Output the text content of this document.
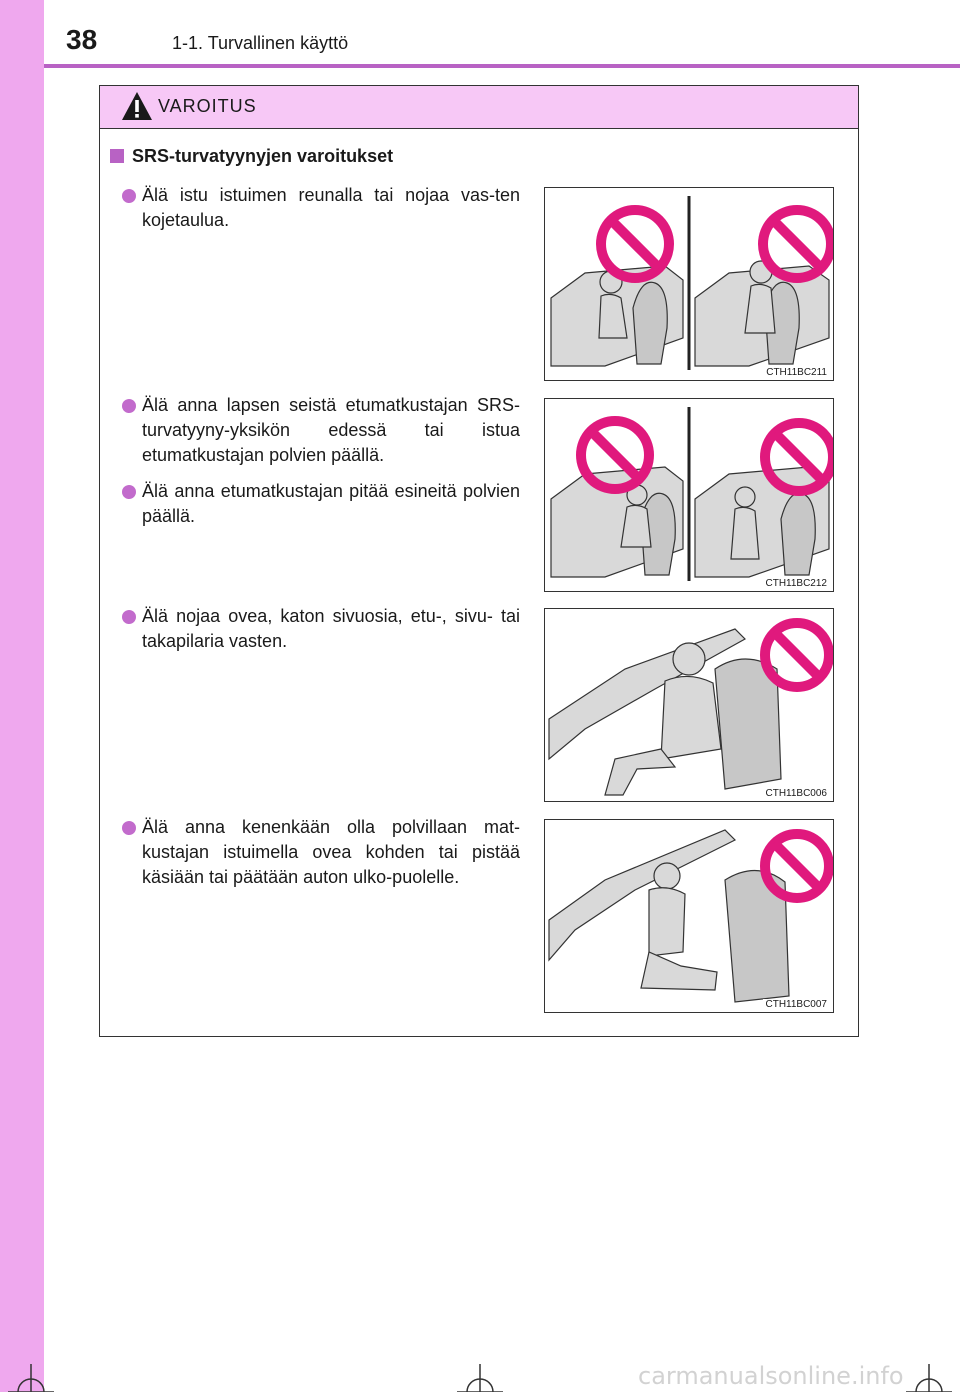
38	1-1. Turvallinen käyttö
VAROITUS
SRS-turvatyynyjen varoitukset
Älä istu istuimen reunalla tai nojaa vas-ten kojetaulua.
Älä anna lapsen seistä etumatkustajan SRS-turvatyyny-yksikön edessä tai istua etumatkustajan polvien päällä.
Älä anna etumatkustajan pitää esineitä polvien päällä.
Älä nojaa ovea, katon sivuosia, etu-, sivu- tai takapilaria vasten.
Älä anna kenenkään olla polvillaan mat-kustajan istuimella ovea kohden tai pistää käsiään tai päätään auton ulko-puolelle.
CTH11BC211
CTH11BC212
CTH11BC006
CTH11BC007
carmanualsonline.info
